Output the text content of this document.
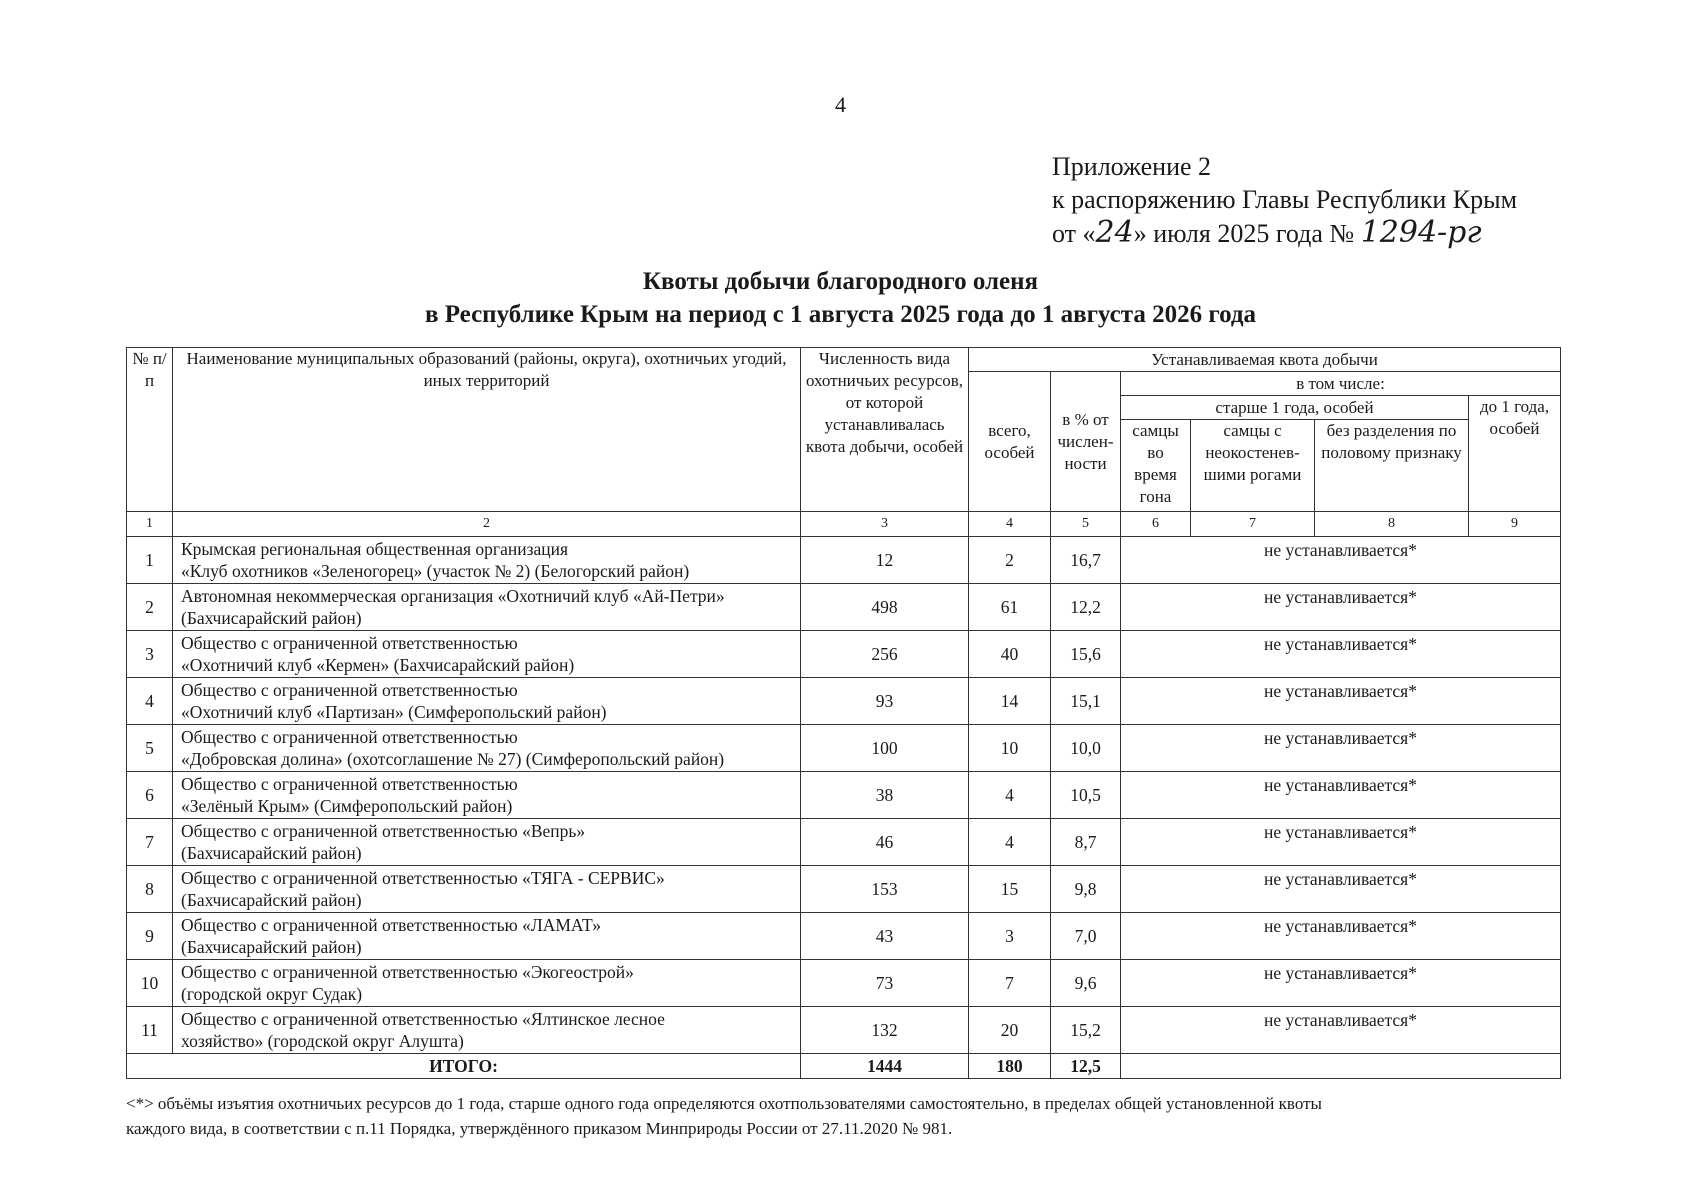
4
Приложение 2
к распоряжению Главы Республики Крым
от «24» июля 2025 года № 1294-рг
Квоты добычи благородного оленя
в Республике Крым на период с 1 августа 2025 года до 1 августа 2026 года
№ п/п	Наименование муниципальных образований (районы, округа), охотничьих угодий, иных территорий	Численность вида охотничьих ресурсов, от которой устанавливалась квота добычи, особей	Устанавливаемая квота добычи					
			всего, особей	в % от числен-ности	в том числе:			
					старше 1 года, особей			до 1 года, особей
					самцы во время гона	самцы с неокостенев-шими рогами	без разделения по половому признаку	
1	2	3	4	5	6	7	8	9
1	Крымская региональная общественная организация
«Клуб охотников «Зеленогорец» (участок № 2) (Белогорский район)	12	2	16,7	не устанавливается*			
2	Автономная некоммерческая организация «Охотничий клуб «Ай-Петри»
(Бахчисарайский район)	498	61	12,2	не устанавливается*			
3	Общество с ограниченной ответственностью
«Охотничий клуб «Кермен» (Бахчисарайский район)	256	40	15,6	не устанавливается*			
4	Общество с ограниченной ответственностью
«Охотничий клуб «Партизан» (Симферопольский район)	93	14	15,1	не устанавливается*			
5	Общество с ограниченной ответственностью
«Добровская долина» (охотсоглашение № 27) (Симферопольский район)	100	10	10,0	не устанавливается*			
6	Общество с ограниченной ответственностью
«Зелёный Крым» (Симферопольский район)	38	4	10,5	не устанавливается*			
7	Общество с ограниченной ответственностью «Вепрь»
(Бахчисарайский район)	46	4	8,7	не устанавливается*			
8	Общество с ограниченной ответственностью «ТЯГА - СЕРВИС»
(Бахчисарайский район)	153	15	9,8	не устанавливается*			
9	Общество с ограниченной ответственностью «ЛАМАТ»
(Бахчисарайский район)	43	3	7,0	не устанавливается*			
10	Общество с ограниченной ответственностью «Экогеострой»
(городской округ Судак)	73	7	9,6	не устанавливается*			
11	Общество с ограниченной ответственностью «Ялтинское лесное
хозяйство» (городской округ Алушта)	132	20	15,2	не устанавливается*			
ИТОГО:		1444	180	12,5				
<*> объёмы изъятия охотничьих ресурсов до 1 года, старше одного года определяются охотпользователями самостоятельно, в пределах общей установленной квоты
каждого вида, в соответствии с п.11 Порядка, утверждённого приказом Минприроды России от 27.11.2020 № 981.
